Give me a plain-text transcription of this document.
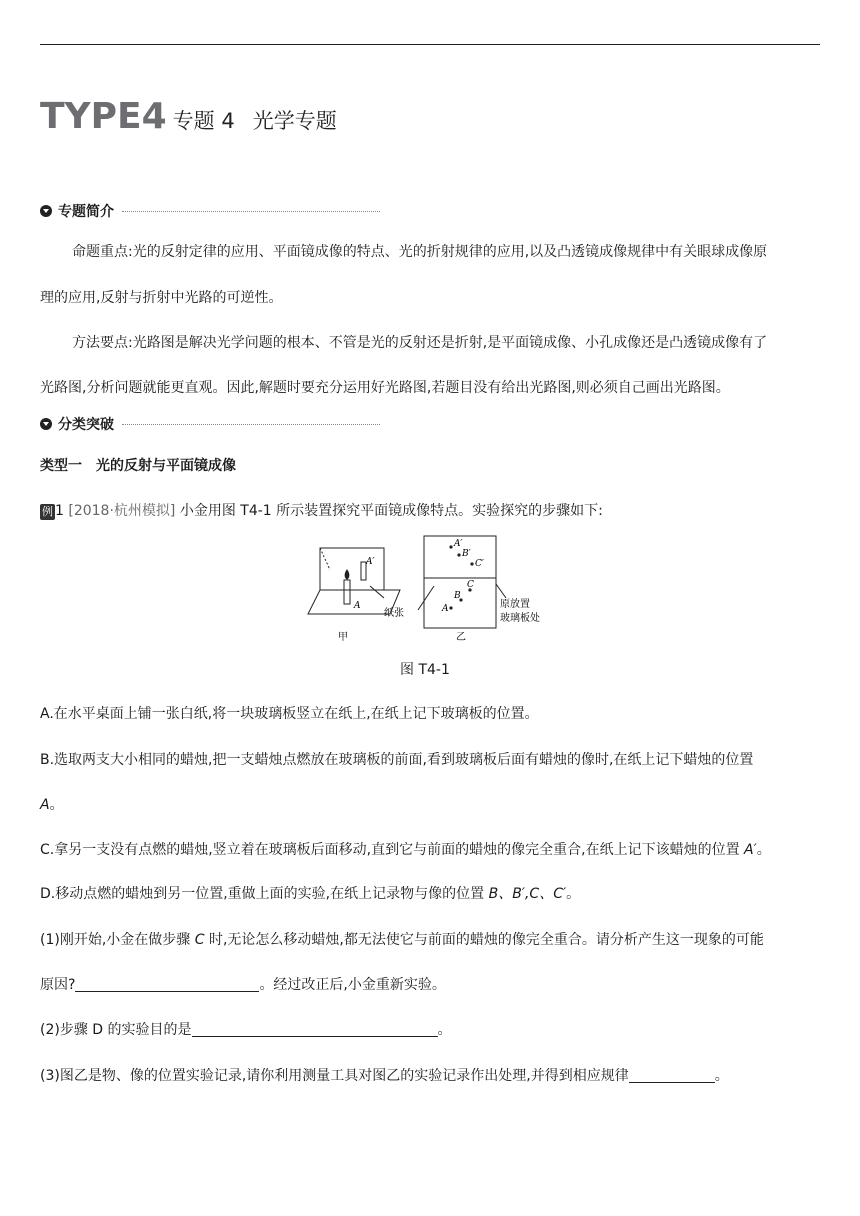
TYPE4 专题 4 光学专题
专题简介
命题重点:光的反射定律的应用、平面镜成像的特点、光的折射规律的应用,以及凸透镜成像规律中有关眼球成像原
理的应用,反射与折射中光路的可逆性。
方法要点:光路图是解决光学问题的根本、不管是光的反射还是折射,是平面镜成像、小孔成像还是凸透镜成像有了
光路图,分析问题就能更直观。因此,解题时要充分运用好光路图,若题目没有给出光路图,则必须自己画出光路图。
分类突破
类型一　光的反射与平面镜成像
例 1 [2018·杭州模拟] 小金用图 T4-1 所示装置探究平面镜成像特点。实验探究的步骤如下:
A
A′
纸张
甲
A′
B′
C′
A
B
C
原放置
玻璃板处
乙
图 T4-1
A.在水平桌面上铺一张白纸,将一块玻璃板竖立在纸上,在纸上记下玻璃板的位置。
B.选取两支大小相同的蜡烛,把一支蜡烛点燃放在玻璃板的前面,看到玻璃板后面有蜡烛的像时,在纸上记下蜡烛的位置
A。
C.拿另一支没有点燃的蜡烛,竖立着在玻璃板后面移动,直到它与前面的蜡烛的像完全重合,在纸上记下该蜡烛的位置 A′。
D.移动点燃的蜡烛到另一位置,重做上面的实验,在纸上记录物与像的位置 B、B′,C、C′。
(1)刚开始,小金在做步骤 C 时,无论怎么移动蜡烛,都无法使它与前面的蜡烛的像完全重合。请分析产生这一现象的可能
原因?	。经过改正后,小金重新实验。
(2)步骤 D 的实验目的是	。
(3)图乙是物、像的位置实验记录,请你利用测量工具对图乙的实验记录作出处理,并得到相应规律	。
